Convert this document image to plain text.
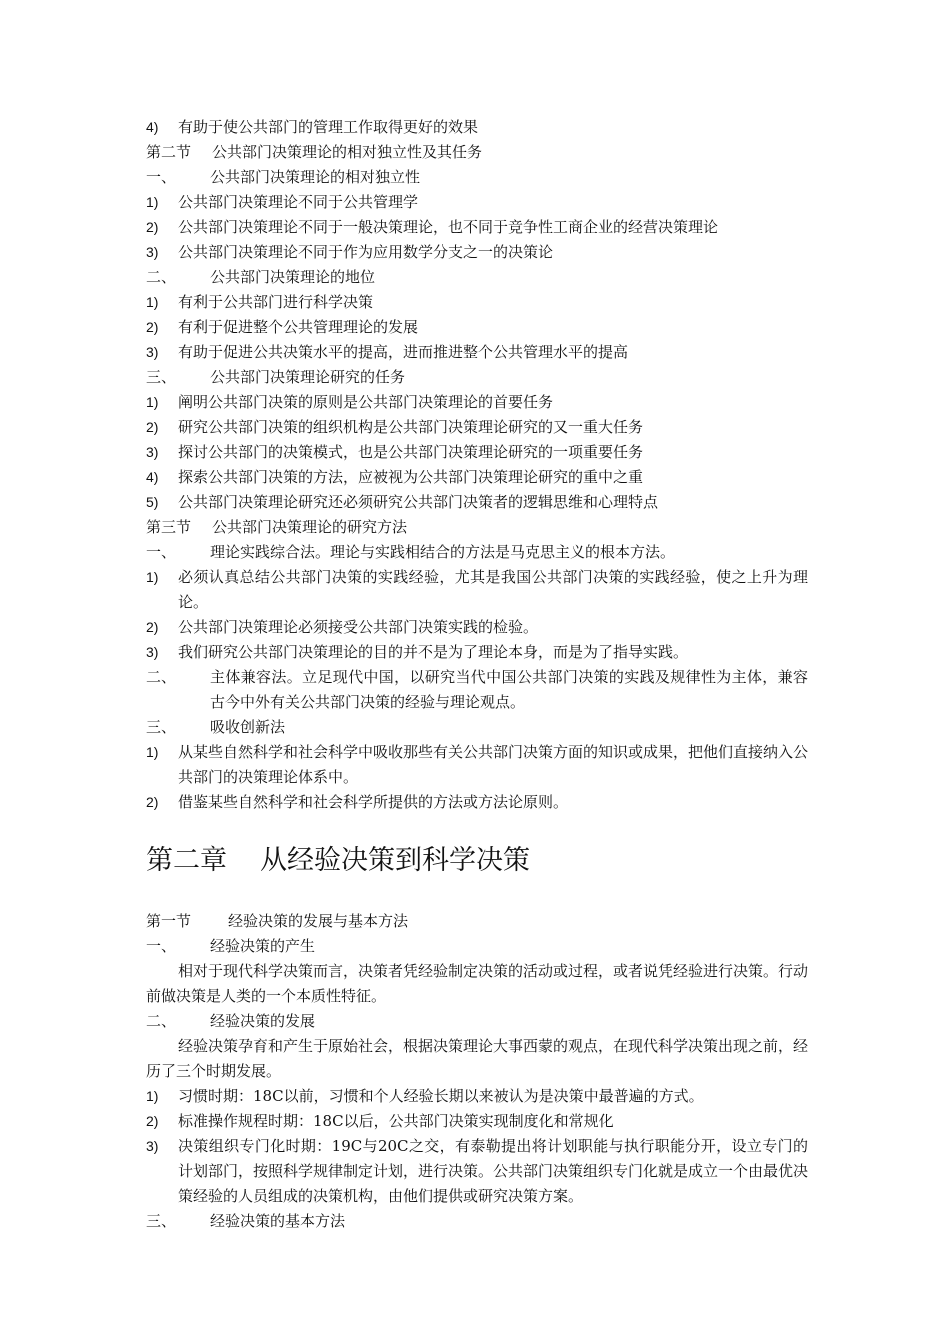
4)	有助于使公共部门的管理工作取得更好的效果
第二节 公共部门决策理论的相对独立性及其任务
一、	公共部门决策理论的相对独立性
1)	公共部门决策理论不同于公共管理学
2)	公共部门决策理论不同于一般决策理论，也不同于竞争性工商企业的经营决策理论
3)	公共部门决策理论不同于作为应用数学分支之一的决策论
二、	公共部门决策理论的地位
1)	有利于公共部门进行科学决策
2)	有利于促进整个公共管理理论的发展
3)	有助于促进公共决策水平的提高，进而推进整个公共管理水平的提高
三、	公共部门决策理论研究的任务
1)	阐明公共部门决策的原则是公共部门决策理论的首要任务
2)	研究公共部门决策的组织机构是公共部门决策理论研究的又一重大任务
3)	探讨公共部门的决策模式，也是公共部门决策理论研究的一项重要任务
4)	探索公共部门决策的方法，应被视为公共部门决策理论研究的重中之重
5)	公共部门决策理论研究还必须研究公共部门决策者的逻辑思维和心理特点
第三节 公共部门决策理论的研究方法
一、	理论实践综合法。理论与实践相结合的方法是马克思主义的根本方法。
1)	必须认真总结公共部门决策的实践经验，尤其是我国公共部门决策的实践经验，使之上升为理论。
2)	公共部门决策理论必须接受公共部门决策实践的检验。
3)	我们研究公共部门决策理论的目的并不是为了理论本身，而是为了指导实践。
二、	主体兼容法。立足现代中国，以研究当代中国公共部门决策的实践及规律性为主体，兼容古今中外有关公共部门决策的经验与理论观点。
三、	吸收创新法
1)	从某些自然科学和社会科学中吸收那些有关公共部门决策方面的知识或成果，把他们直接纳入公共部门的决策理论体系中。
2)	借鉴某些自然科学和社会科学所提供的方法或方法论原则。
第二章 从经验决策到科学决策
第一节 经验决策的发展与基本方法
一、	经验决策的产生
相对于现代科学决策而言，决策者凭经验制定决策的活动或过程，或者说凭经验进行决策。行动前做决策是人类的一个本质性特征。
二、	经验决策的发展
经验决策孕育和产生于原始社会，根据决策理论大事西蒙的观点，在现代科学决策出现之前，经历了三个时期发展。
1)	习惯时期：18C以前，习惯和个人经验长期以来被认为是决策中最普遍的方式。
2)	标准操作规程时期：18C以后，公共部门决策实现制度化和常规化
3)	决策组织专门化时期：19C与20C之交，有泰勒提出将计划职能与执行职能分开，设立专门的计划部门，按照科学规律制定计划，进行决策。公共部门决策组织专门化就是成立一个由最优决策经验的人员组成的决策机构，由他们提供或研究决策方案。
三、	经验决策的基本方法
